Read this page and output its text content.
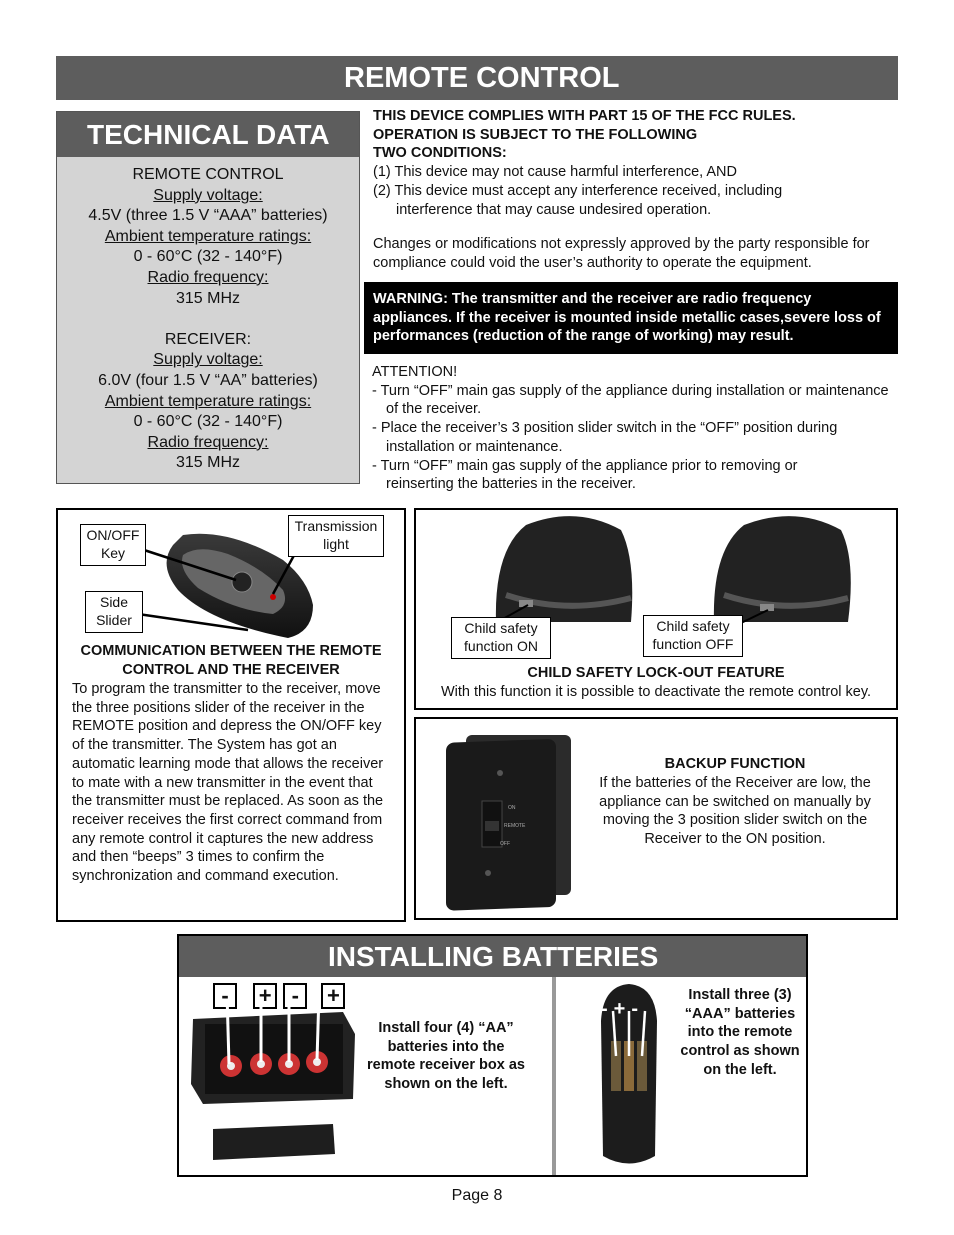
REMOTE CONTROL
TECHNICAL DATA

REMOTE CONTROL

Supply voltage:

4.5V (three 1.5 V “AAA” batteries)

Ambient temperature ratings:

0 - 60°C (32 - 140°F)

Radio frequency:

315 MHz

RECEIVER:

Supply voltage:

6.0V (four 1.5 V “AA” batteries)

Ambient temperature ratings:

0 - 60°C (32 - 140°F)

Radio frequency:

315 MHz

THIS DEVICE COMPLIES WITH PART 15 OF THE FCC RULES.

OPERATION IS SUBJECT TO THE FOLLOWING

TWO CONDITIONS:

(1) This device may not cause harmful interference, AND

(2) This device must accept any interference received, including interference that may cause undesired operation.

Changes or modifications not expressly approved by the party responsible for compliance could void the user’s authority to operate the equipment.

WARNING: The transmitter and the receiver are radio frequency appliances. If the receiver is mounted inside metallic cases,severe loss of performances (reduction of the range of working) may result.

ATTENTION!

- Turn “OFF” main gas supply of the appliance during installation or maintenance of the receiver.

- Place the receiver’s 3 position slider switch in the “OFF” position during installation or maintenance.

- Turn “OFF” main gas supply of the appliance prior to removing or reinserting the batteries in the receiver.

ON/OFF Key
Transmission light
Side Slider
COMMUNICATION BETWEEN THE REMOTE CONTROL AND THE RECEIVER
To program the transmitter to the receiver, move the three positions slider of the receiver in the REMOTE position and depress the ON/OFF key of the transmitter. The System has got an automatic learning mode that allows the receiver to mate with a new transmitter in the event that the transmitter must be replaced. As soon as the receiver receives the first correct command from any remote control it captures the new address and then “beeps” 3 times to confirm the synchronization and command execution.
Child safety function ON
Child safety function OFF
CHILD SAFETY LOCK-OUT FEATURE
With this function it is possible to deactivate the remote control key.
ON
REMOTE
OFF
BACKUP FUNCTION
If the batteries of the Receiver are low, the appliance can be switched on manually by moving the 3 position slider switch on the Receiver to the ON position.
INSTALLING BATTERIES
- + - +
Install four (4) “AA” batteries into the remote receiver box as shown on the left.
-+-
Install three (3) “AAA” batteries into the remote control as shown on the left.
Page 8
